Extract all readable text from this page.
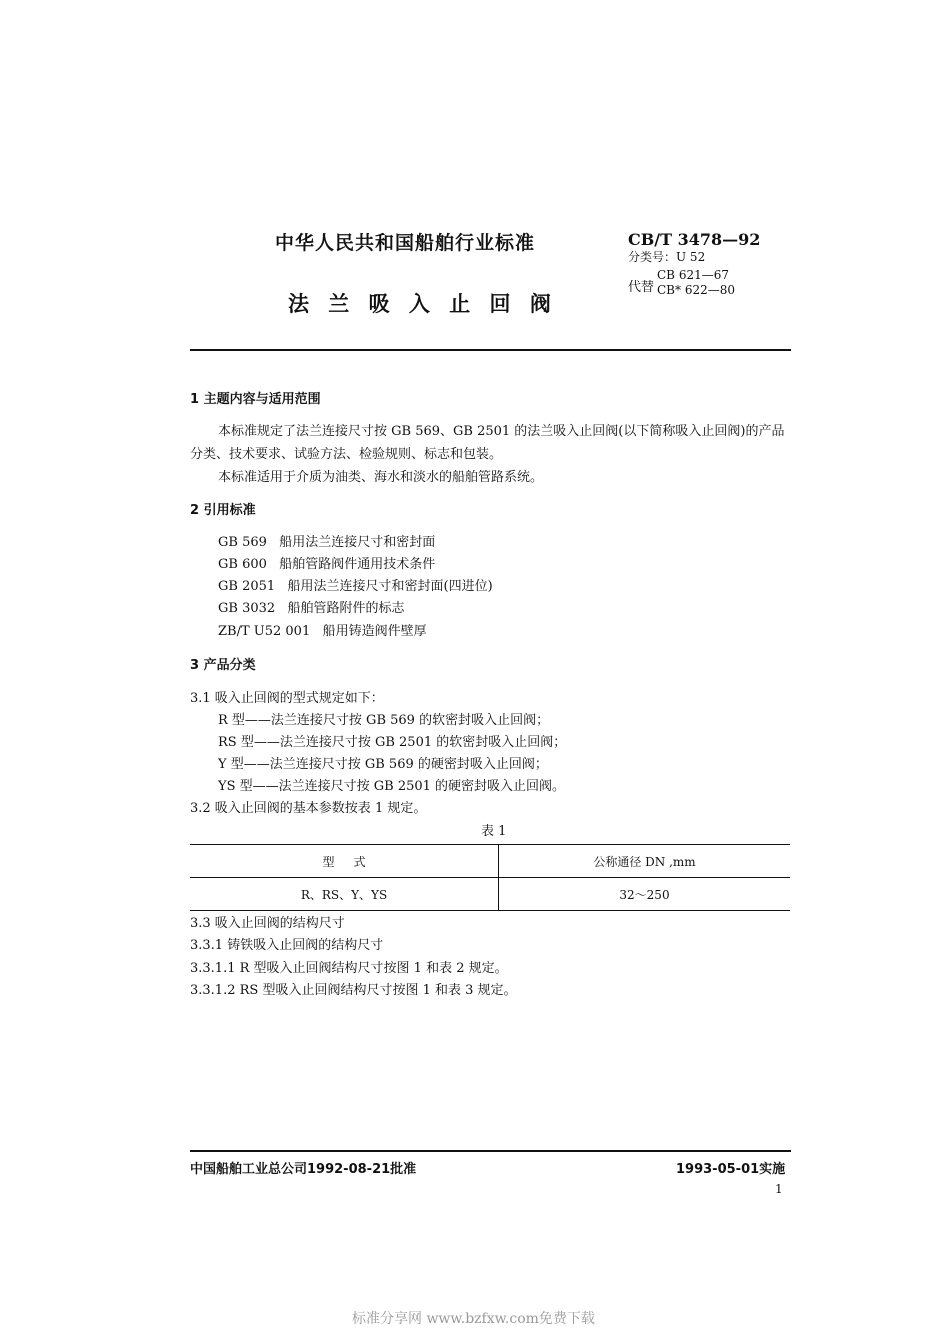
中华人民共和国船舶行业标准
法 兰 吸 入 止 回 阀
CB/T 3478—92
分类号：U 52
代替
CB 621—67
CB* 622—80
1 主题内容与适用范围
本标准规定了法兰连接尺寸按 GB 569、GB 2501 的法兰吸入止回阀(以下简称吸入止回阀)的产品
分类、技术要求、试验方法、检验规则、标志和包装。
本标准适用于介质为油类、海水和淡水的船舶管路系统。
2 引用标准
GB 569   船用法兰连接尺寸和密封面
GB 600   船舶管路阀件通用技术条件
GB 2051   船用法兰连接尺寸和密封面(四进位)
GB 3032   船舶管路附件的标志
ZB/T U52 001   船用铸造阀件壁厚
3 产品分类
3.1 吸入止回阀的型式规定如下：
R 型——法兰连接尺寸按 GB 569 的软密封吸入止回阀；
RS 型——法兰连接尺寸按 GB 2501 的软密封吸入止回阀；
Y 型——法兰连接尺寸按 GB 569 的硬密封吸入止回阀；
YS 型——法兰连接尺寸按 GB 2501 的硬密封吸入止回阀。
3.2 吸入止回阀的基本参数按表 1 规定。
表 1
型     式	公称通径 DN ,mm
R、RS、Y、YS	32～250
3.3 吸入止回阀的结构尺寸
3.3.1 铸铁吸入止回阀的结构尺寸
3.3.1.1 R 型吸入止回阀结构尺寸按图 1 和表 2 规定。
3.3.1.2 RS 型吸入止回阀结构尺寸按图 1 和表 3 规定。
中国船舶工业总公司1992-08-21批准	1993-05-01实施
1
标准分享网 www.bzfxw.com免费下载
